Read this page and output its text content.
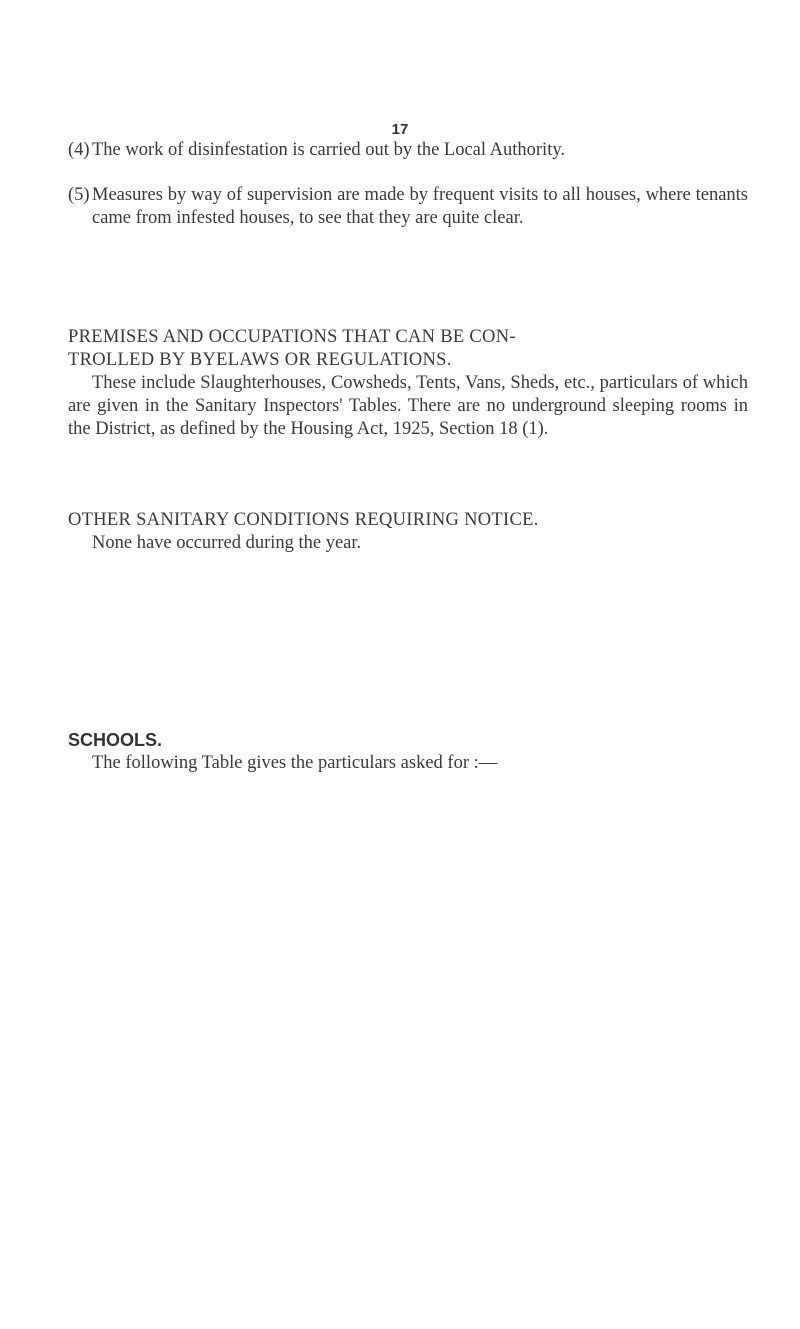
17
(4) The work of disinfestation is carried out by the Local Authority.
(5) Measures by way of supervision are made by frequent visits to all houses, where tenants came from infested houses, to see that they are quite clear.
PREMISES AND OCCUPATIONS THAT CAN BE CON-
TROLLED BY BYELAWS OR REGULATIONS.
These include Slaughterhouses, Cowsheds, Tents, Vans, Sheds, etc., particulars of which are given in the Sanitary Inspectors' Tables. There are no underground sleeping rooms in the District, as defined by the Housing Act, 1925, Section 18 (1).
OTHER SANITARY CONDITIONS REQUIRING NOTICE.
None have occurred during the year.
SCHOOLS.
The following Table gives the particulars asked for :—
